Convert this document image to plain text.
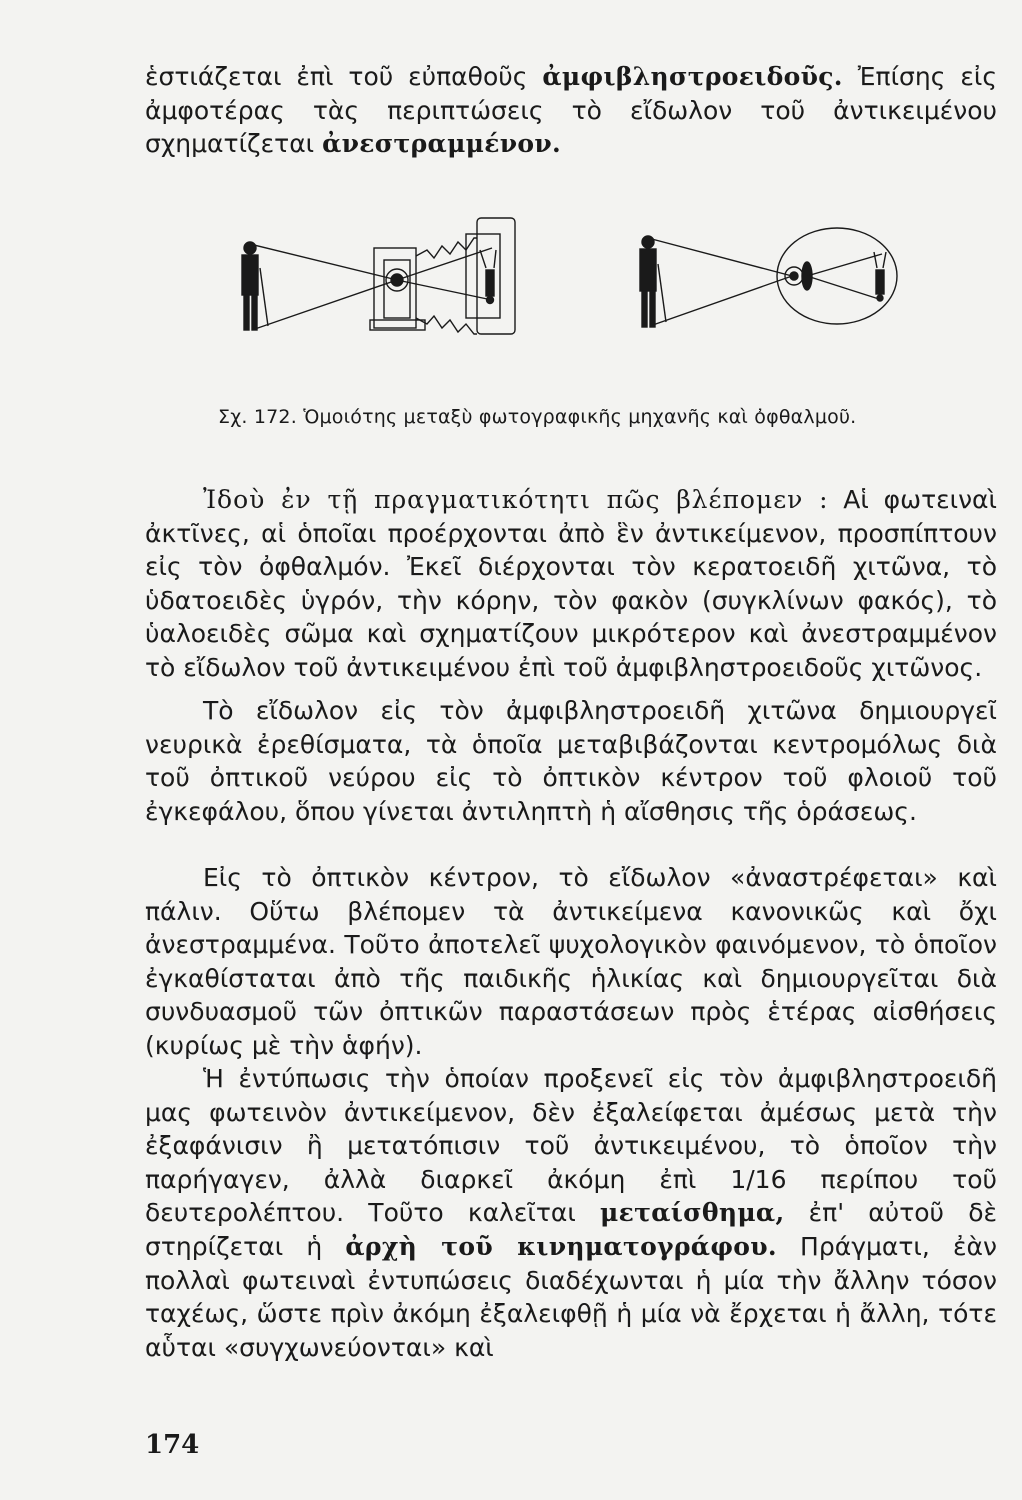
ἑστιάζεται ἐπὶ τοῦ εὐπαθοῦς ἀμφιβληστροειδοῦς. Ἐπίσης εἰς ἀμφοτέρας τὰς περιπτώσεις τὸ εἴδωλον τοῦ ἀντικειμένου σχηματίζεται ἀνεστραμμένον.

Σχ. 172. Ὁμοιότης μεταξὺ φωτογραφικῆς μηχανῆς καὶ ὀφθαλμοῦ.

Ἰδοὺ ἐν τῇ πραγματικότητι πῶς βλέπομεν : Αἱ φωτειναὶ ἀκτῖνες, αἱ ὁποῖαι προέρχονται ἀπὸ ἓν ἀντικείμενον, προσπίπτουν εἰς τὸν ὀφθαλμόν. Ἐκεῖ διέρχονται τὸν κερατοειδῆ χιτῶνα, τὸ ὑδατοειδὲς ὑγρόν, τὴν κόρην, τὸν φακὸν (συγκλίνων φακός), τὸ ὑαλοειδὲς σῶμα καὶ σχηματίζουν μικρότερον καὶ ἀνεστραμμένον τὸ εἴδωλον τοῦ ἀντικειμένου ἐπὶ τοῦ ἀμφιβληστροειδοῦς χιτῶνος.

Τὸ εἴδωλον εἰς τὸν ἀμφιβληστροειδῆ χιτῶνα δημιουργεῖ νευρικὰ ἐρεθίσματα, τὰ ὁποῖα μεταβιβάζονται κεντρομόλως διὰ τοῦ ὀπτικοῦ νεύρου εἰς τὸ ὀπτικὸν κέντρον τοῦ φλοιοῦ τοῦ ἐγκεφάλου, ὅπου γίνεται ἀντιληπτὴ ἡ αἴσθησις τῆς ὁράσεως.

Εἰς τὸ ὀπτικὸν κέντρον, τὸ εἴδωλον «ἀναστρέφεται» καὶ πάλιν. Οὕτω βλέπομεν τὰ ἀντικείμενα κανονικῶς καὶ ὄχι ἀνεστραμμένα. Τοῦτο ἀποτελεῖ ψυχολογικὸν φαινόμενον, τὸ ὁποῖον ἐγκαθίσταται ἀπὸ τῆς παιδικῆς ἡλικίας καὶ δημιουργεῖται διὰ συνδυασμοῦ τῶν ὀπτικῶν παραστάσεων πρὸς ἑτέρας αἰσθήσεις (κυρίως μὲ τὴν ἁφήν).

Ἡ ἐντύπωσις τὴν ὁποίαν προξενεῖ εἰς τὸν ἀμφιβληστροειδῆ μας φωτεινὸν ἀντικείμενον, δὲν ἐξαλείφεται ἀμέσως μετὰ τὴν ἐξαφάνισιν ἢ μετατόπισιν τοῦ ἀντικειμένου, τὸ ὁποῖον τὴν παρήγαγεν, ἀλλὰ διαρκεῖ ἀκόμη ἐπὶ 1/16 περίπου τοῦ δευτερολέπτου. Τοῦτο καλεῖται μεταίσθημα, ἐπ' αὐτοῦ δὲ στηρίζεται ἡ ἀρχὴ τοῦ κινηματογράφου. Πράγματι, ἐὰν πολλαὶ φωτειναὶ ἐντυπώσεις διαδέχωνται ἡ μία τὴν ἄλλην τόσον ταχέως, ὥστε πρὶν ἀκόμη ἐξαλειφθῇ ἡ μία νὰ ἔρχεται ἡ ἄλλη, τότε αὗται «συγχωνεύονται» καὶ

174
